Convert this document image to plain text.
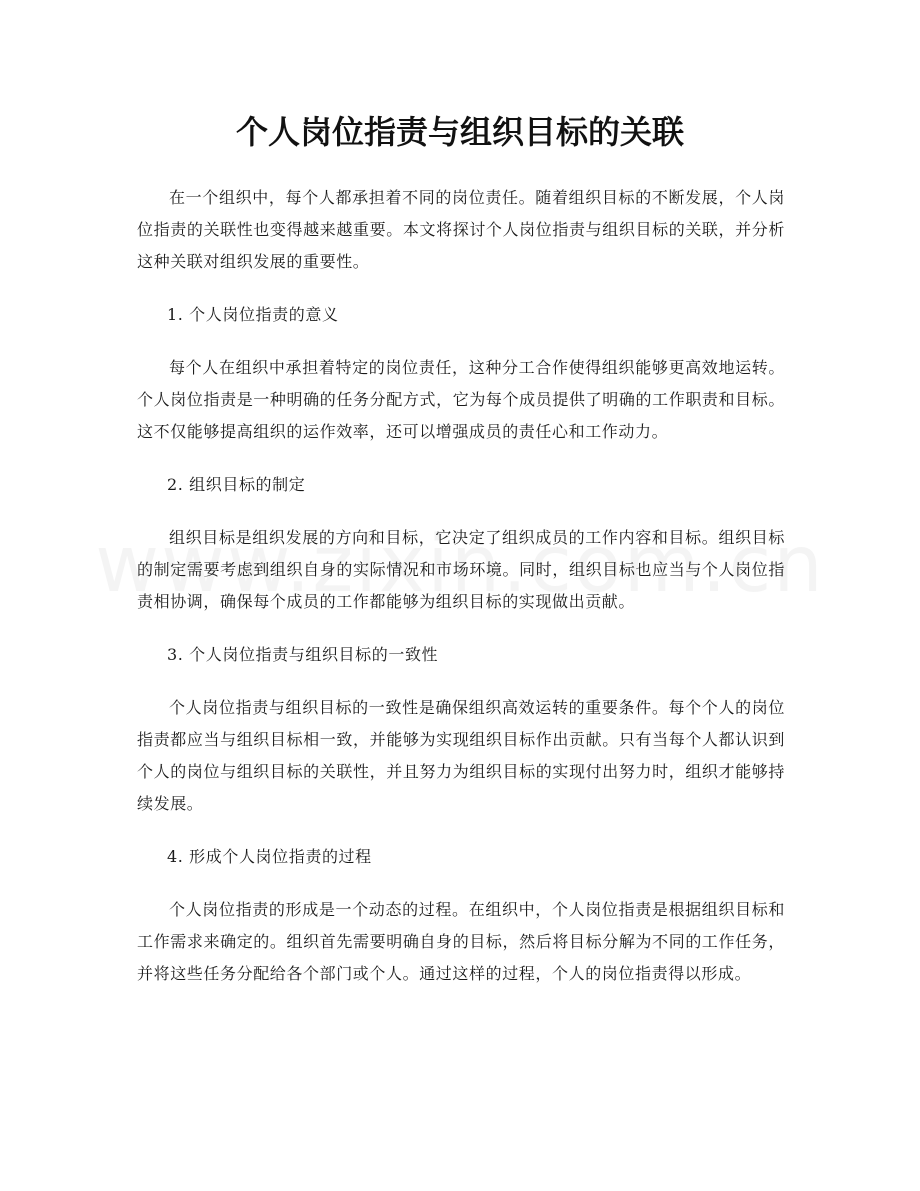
个人岗位指责与组织目标的关联

在一个组织中，每个人都承担着不同的岗位责任。随着组织目标的不断发展，个人岗位指责的关联性也变得越来越重要。本文将探讨个人岗位指责与组织目标的关联，并分析这种关联对组织发展的重要性。

1. 个人岗位指责的意义

每个人在组织中承担着特定的岗位责任，这种分工合作使得组织能够更高效地运转。个人岗位指责是一种明确的任务分配方式，它为每个成员提供了明确的工作职责和目标。这不仅能够提高组织的运作效率，还可以增强成员的责任心和工作动力。

2. 组织目标的制定

组织目标是组织发展的方向和目标，它决定了组织成员的工作内容和目标。组织目标的制定需要考虑到组织自身的实际情况和市场环境。同时，组织目标也应当与个人岗位指责相协调，确保每个成员的工作都能够为组织目标的实现做出贡献。

3. 个人岗位指责与组织目标的一致性

个人岗位指责与组织目标的一致性是确保组织高效运转的重要条件。每个个人的岗位指责都应当与组织目标相一致，并能够为实现组织目标作出贡献。只有当每个人都认识到个人的岗位与组织目标的关联性，并且努力为组织目标的实现付出努力时，组织才能够持续发展。

4. 形成个人岗位指责的过程

个人岗位指责的形成是一个动态的过程。在组织中，个人岗位指责是根据组织目标和工作需求来确定的。组织首先需要明确自身的目标，然后将目标分解为不同的工作任务，并将这些任务分配给各个部门或个人。通过这样的过程，个人的岗位指责得以形成。
